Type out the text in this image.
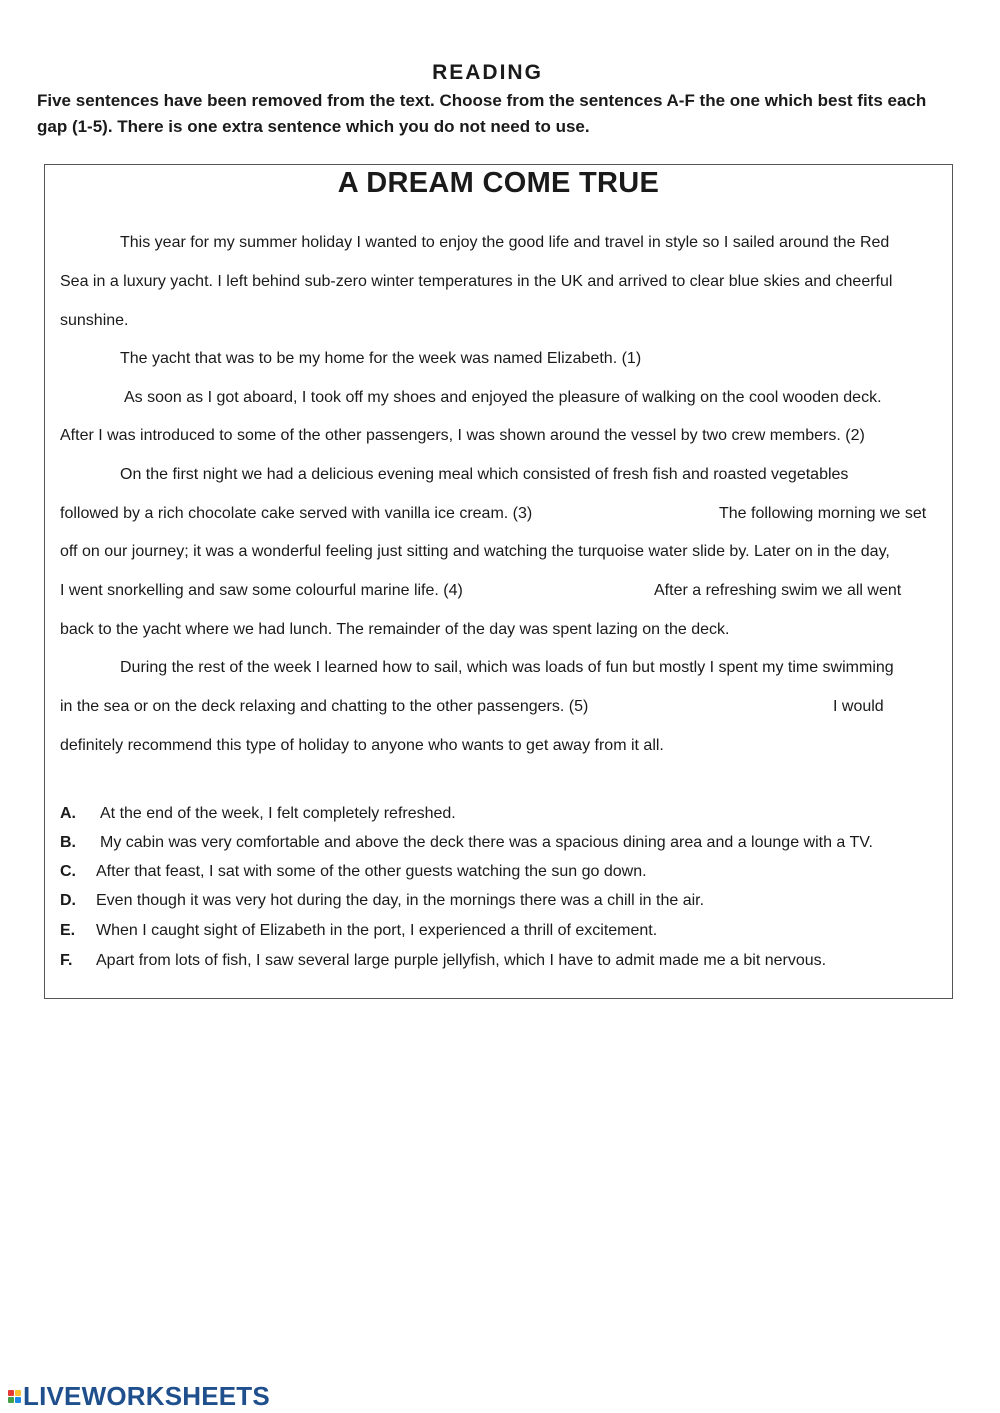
READING
Five sentences have been removed from the text. Choose from the sentences A-F the one which best fits each gap (1-5). There is one extra sentence which you do not need to use.
A DREAM COME TRUE
This year for my summer holiday I wanted to enjoy the good life and travel in style so I sailed around the Red
Sea in a luxury yacht. I left behind sub-zero winter temperatures in the UK and arrived to clear blue skies and cheerful
sunshine.
The yacht that was to be my home for the week was named Elizabeth. (1)
As soon as I got aboard, I took off my shoes and enjoyed the pleasure of walking on the cool wooden deck.
After I was introduced to some of the other passengers, I was shown around the vessel by two crew members. (2)
On the first night we had a delicious evening meal which consisted of fresh fish and roasted vegetables
followed by a rich chocolate cake served with vanilla ice cream. (3)	The following morning we set
off on our journey; it was a wonderful feeling just sitting and watching the turquoise water slide by. Later on in the day,
I went snorkelling and saw some colourful marine life. (4)	After a refreshing swim we all went
back to the yacht where we had lunch. The remainder of the day was spent lazing on the deck.
During the rest of the week I learned how to sail, which was loads of fun but mostly I spent my time swimming
in the sea or on the deck relaxing and chatting to the other passengers. (5)	I would
definitely recommend this type of holiday to anyone who wants to get away from it all.
A. At the end of the week, I felt completely refreshed.
B. My cabin was very comfortable and above the deck there was a spacious dining area and a lounge with a TV.
C. After that feast, I sat with some of the other guests watching the sun go down.
D. Even though it was very hot during the day, in the mornings there was a chill in the air.
E. When I caught sight of Elizabeth in the port, I experienced a thrill of excitement.
F. Apart from lots of fish, I saw several large purple jellyfish, which I have to admit made me a bit nervous.
LIVEWORKSHEETS
